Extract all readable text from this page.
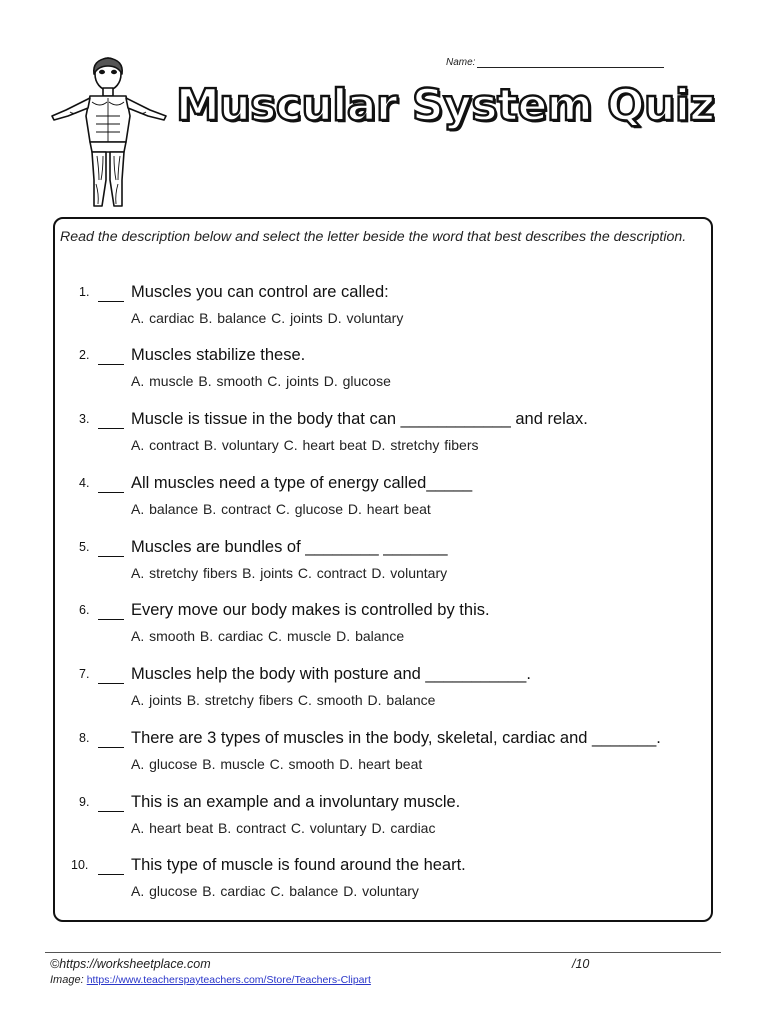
Name:
Muscular System Quiz
Read the description below and select the letter beside the word that best describes the description.
1.	Muscles you can control are called:
A. cardiac B. balance C. joints D. voluntary
2.	Muscles stabilize these.
A. muscle B. smooth C. joints D. glucose
3.	Muscle is tissue in the body that can ____________ and relax.
A. contract B. voluntary C. heart beat D. stretchy fibers
4.	All muscles need a type of energy called_____
A. balance B. contract C. glucose D. heart beat
5.	Muscles are bundles of ________ _______
A. stretchy fibers B. joints C. contract D. voluntary
6.	Every move our body makes is controlled by this.
A. smooth B. cardiac C. muscle D. balance
7.	Muscles help the body with posture and ___________.
A. joints B. stretchy fibers C. smooth D. balance
8.	There are 3 types of muscles in the body, skeletal, cardiac and _______.
A. glucose B. muscle C. smooth D. heart beat
9.	This is an example and a involuntary muscle.
A. heart beat B. contract C. voluntary D. cardiac
10.	This type of muscle is found around the heart.
A. glucose B. cardiac C. balance D. voluntary
©https://worksheetplace.com	/10
Image: https://www.teacherspayteachers.com/Store/Teachers-Clipart
